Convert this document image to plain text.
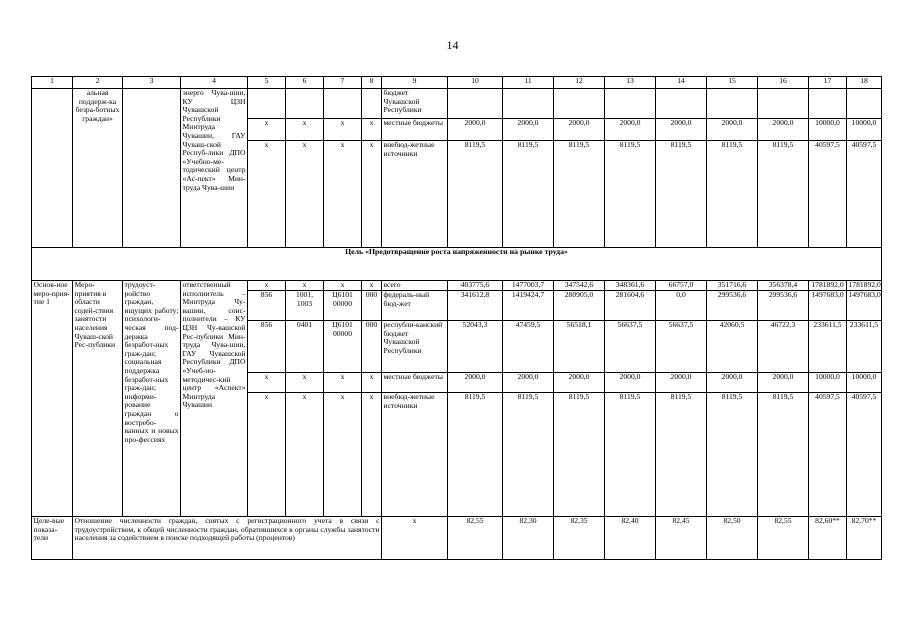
14
1	2	3	4	5	6	7	8	9	10	11	12	13	14	15	16	17	18
	альная поддерж-ка безра-ботных граждан»		энерго Чува-шии, КУ ЦЗН Чувашской Республики Минтруда Чувашии, ГАУ Чуваш-ской Респуб-лики ДПО «Учебно-ме-тодический центр «Ас-пект» Мин-труда Чува-шии					бюджет Чувашской Республики									
				x	x	x	x	местные бюджеты	2000,0	2000,0	2000,0	2000,0	2000,0	2000,0	2000,0	10000,0	10000,0
				x	x	x	x	внебюд-жетные источники	8119,5	8119,5	8119,5	8119,5	8119,5	8119,5	8119,5	40597,5	40597,5
Цель «Предотвращение роста напряженности на рынке труда»																	
Основ-ное меро-прия-тие 1	Меро-приятия в области содей-ствия занятости населения Чуваш-ской Рес-публики	трудоуст-ройство граждан, ищущих работу; психологи-ческая под-держка безработ-ных граж-дан; социальная поддержка безработ-ных граж-дан; информи-рование граждан о востребо-ванных и новых про-фессиях	ответственный исполнитель – Минтруда Чу-вашии, соис-полнители – КУ ЦЗН Чу-вашской Рес-публики Мин-труда Чува-шии, ГАУ Чувашской Республики ДПО «Учеб-но-методичес-кий центр «Аспект» Минтруда Чувашии	x	x	x	x	всего	403775,6	1477003,7	347542,6	348361,6	66757,0	351716,6	356378,4	1781892,0	1781892,0
				856	1001, 1003	Ц6101 00000	000	федераль-ный бюд-жет	341612,8	1419424,7	280905,0	281604,6	0,0	299536,6	299536,6	1497683,0	1497683,0
				856	0401	Ц6101 00000	000	республи-канский бюджет Чувашской Республики	52043,3	47459,5	56518,1	56637,5	56637,5	42060,5	46722,3	233611,5	233611,5
				x	x	x	x	местные бюджеты	2000,0	2000,0	2000,0	2000,0	2000,0	2000,0	2000,0	10000,0	10000,0
				x	x	x	x	внебюд-жетные источники	8119,5	8119,5	8119,5	8119,5	8119,5	8119,5	8119,5	40597,5	40597,5
Целе-вые показа-тели	Отношение численности граждан, снятых с регистрационного учета в связи с трудоустройством, к общей численности граждан, обратившихся в органы службы занятости населения за содействием в поиске подходящей работы (процентов)							x	82,55	82,30	82,35	82,40	82,45	82,50	82,55	82,60**	82,70**
